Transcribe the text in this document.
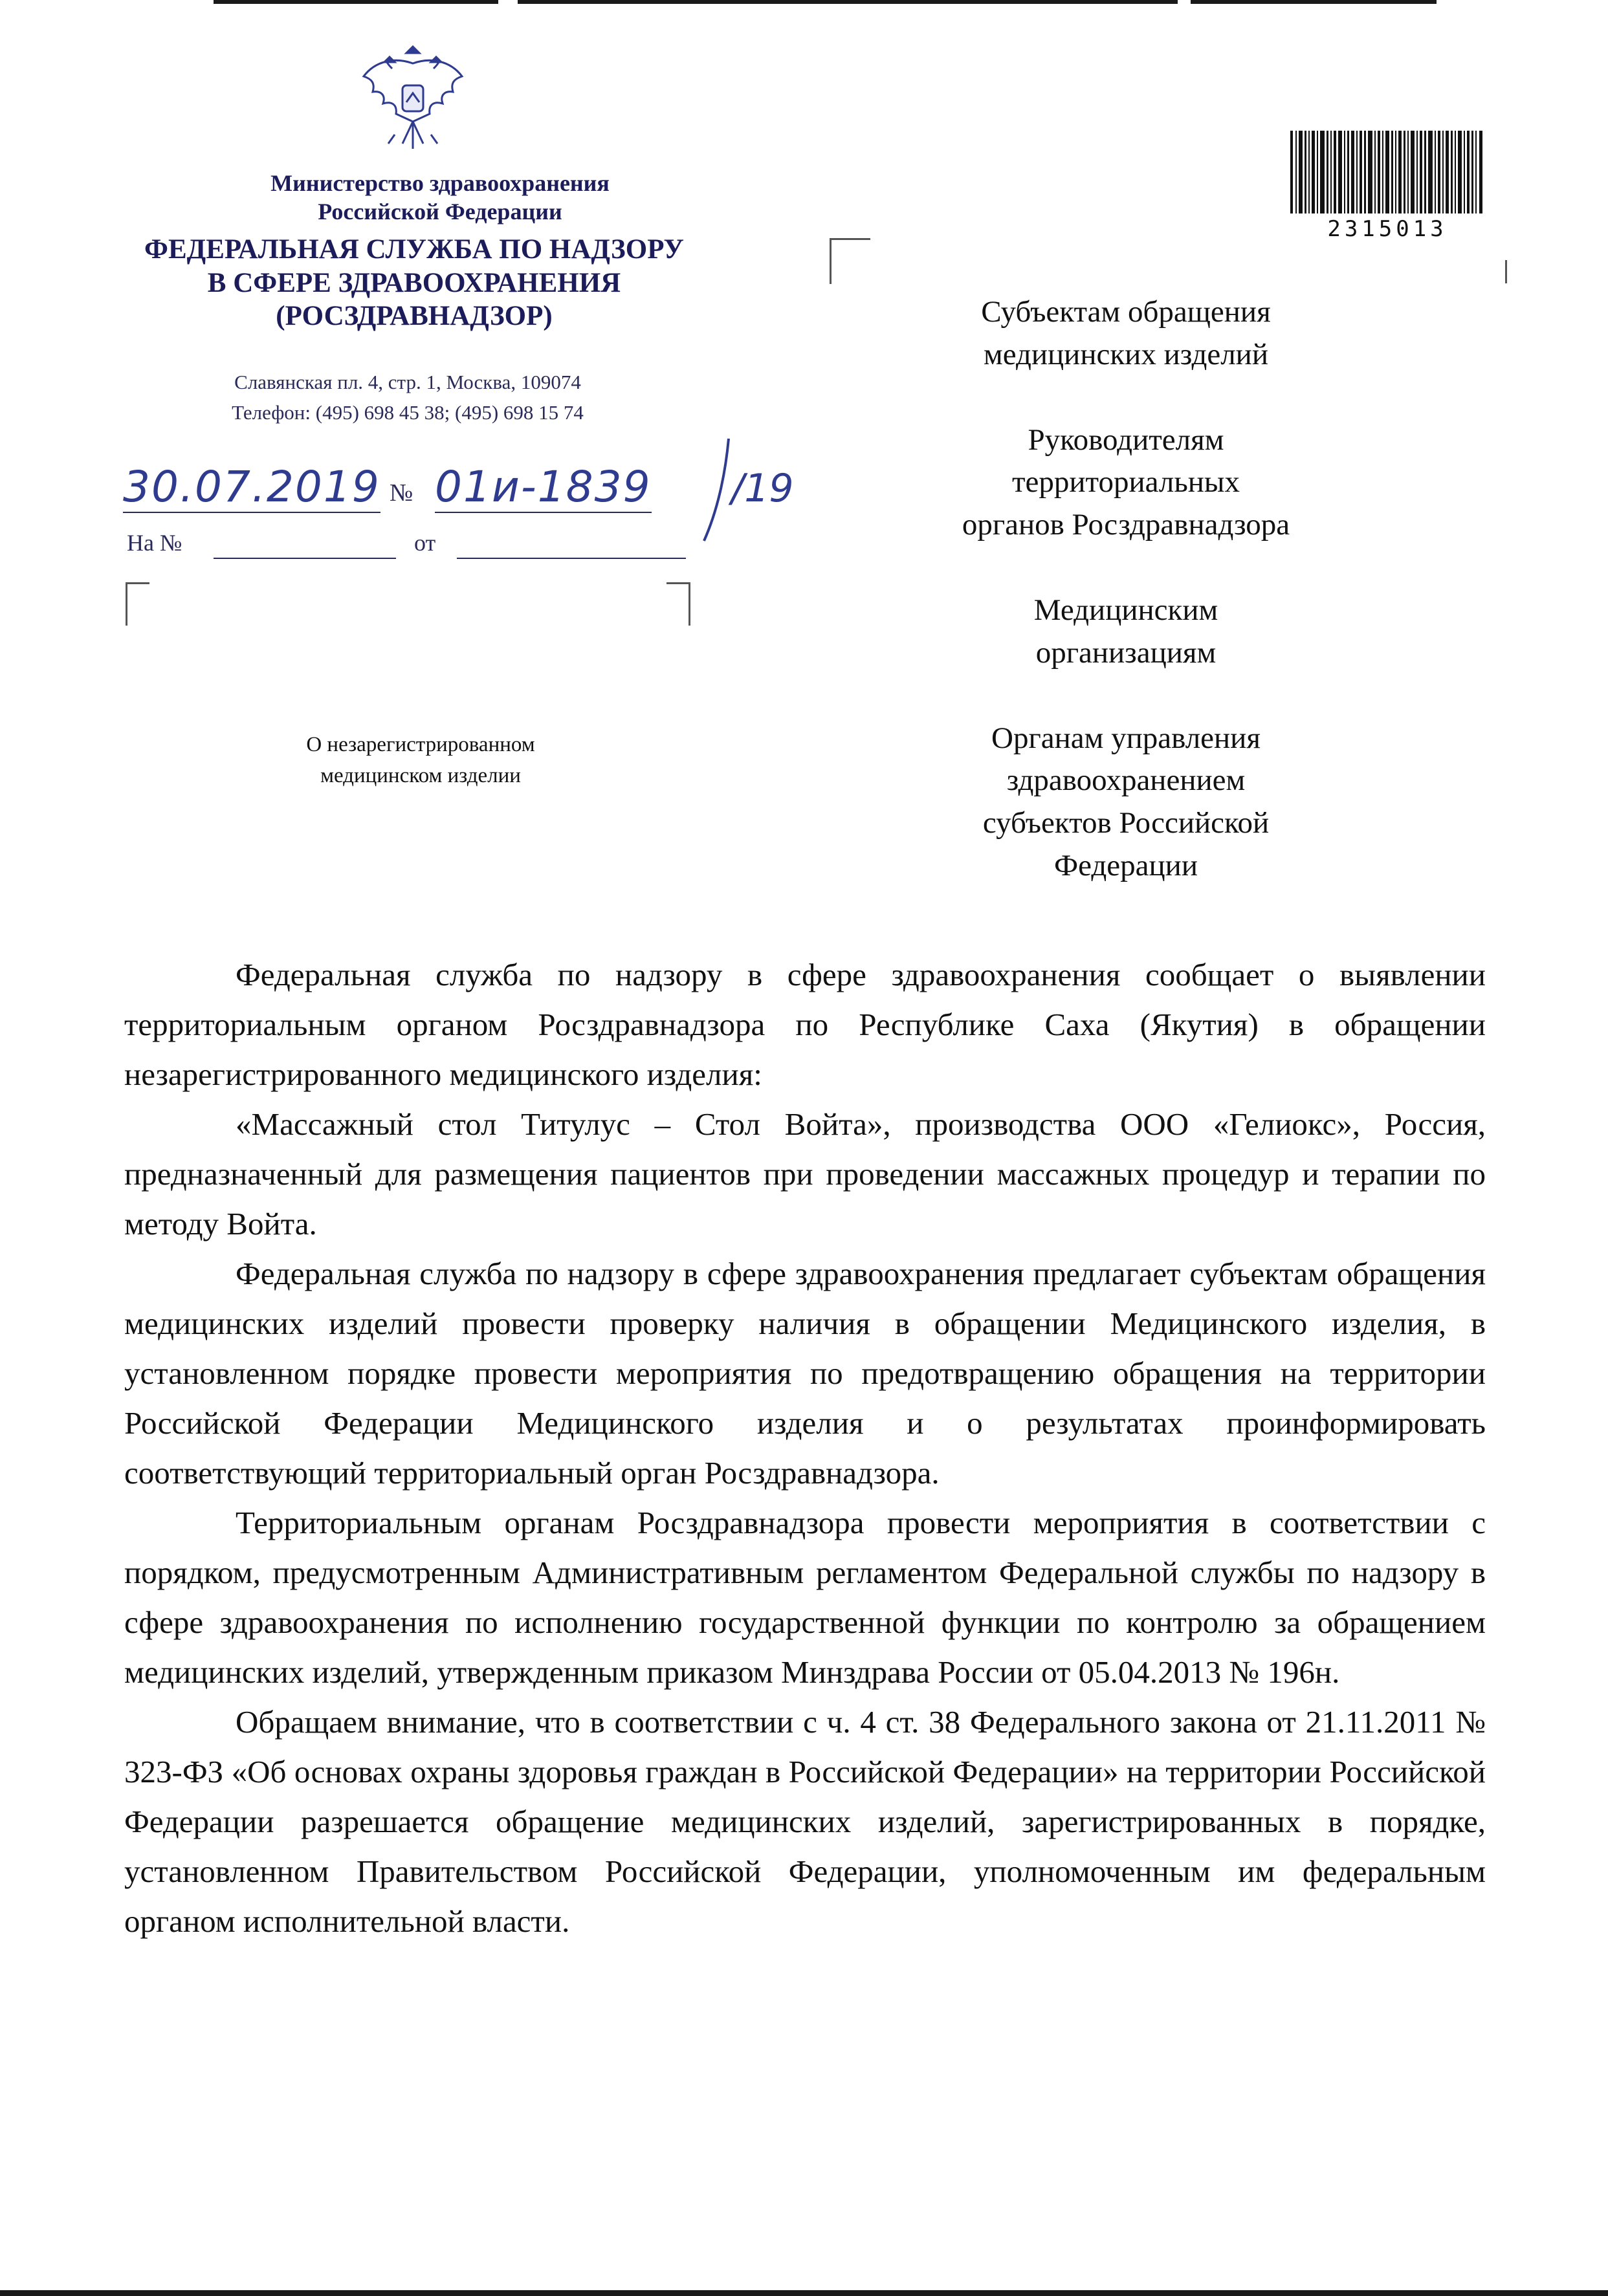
Министерство здравоохранения
Российской Федерации
ФЕДЕРАЛЬНАЯ СЛУЖБА ПО НАДЗОРУ
В СФЕРЕ ЗДРАВООХРАНЕНИЯ
(РОСЗДРАВНАДЗОР)
Славянская пл. 4, стр. 1, Москва, 109074
Телефон: (495) 698 45 38; (495) 698 15 74
30.07.2019 № 01и-1839 /19
На №	от
2315013
О незарегистрированном
медицинском изделии
Субъектам обращения
медицинских изделий
Руководителям
территориальных
органов Росздравнадзора
Медицинским
организациям
Органам управления
здравоохранением
субъектов Российской
Федерации

Федеральная служба по надзору в сфере здравоохранения сообщает о выявлении территориальным органом Росздравнадзора по Республике Саха (Якутия) в обращении незарегистрированного медицинского изделия:

«Массажный стол Титулус – Стол Войта», производства ООО «Гелиокс», Россия, предназначенный для размещения пациентов при проведении массажных процедур и терапии по методу Войта.

Федеральная служба по надзору в сфере здравоохранения предлагает субъектам обращения медицинских изделий провести проверку наличия в обращении Медицинского изделия, в установленном порядке провести мероприятия по предотвращению обращения на территории Российской Федерации Медицинского изделия и о результатах проинформировать соответствующий территориальный орган Росздравнадзора.

Территориальным органам Росздравнадзора провести мероприятия в соответствии с порядком, предусмотренным Административным регламентом Федеральной службы по надзору в сфере здравоохранения по исполнению государственной функции по контролю за обращением медицинских изделий, утвержденным приказом Минздрава России от 05.04.2013 № 196н.

Обращаем внимание, что в соответствии с ч. 4 ст. 38 Федерального закона от 21.11.2011 № 323-ФЗ «Об основах охраны здоровья граждан в Российской Федерации» на территории Российской Федерации разрешается обращение медицинских изделий, зарегистрированных в порядке, установленном Правительством Российской Федерации, уполномоченным им федеральным органом исполнительной власти.
